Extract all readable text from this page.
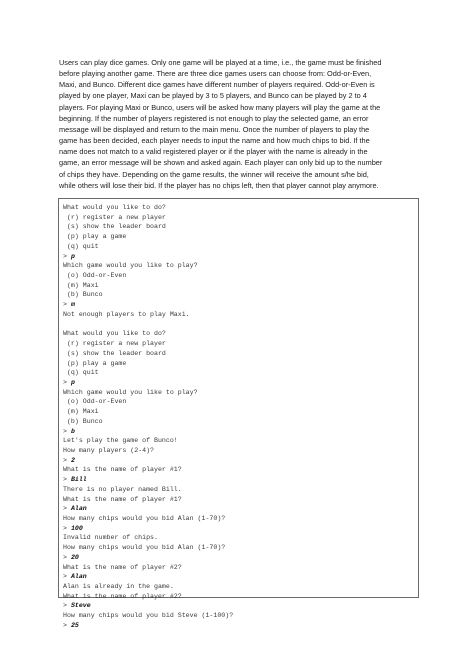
Users can play dice games. Only one game will be played at a time, i.e., the game must be finished
before playing another game. There are three dice games users can choose from: Odd-or-Even,
Maxi, and Bunco. Different dice games have different number of players required. Odd-or-Even is
played by one player, Maxi can be played by 3 to 5 players, and Bunco can be played by 2 to 4
players. For playing Maxi or Bunco, users will be asked how many players will play the game at the
beginning. If the number of players registered is not enough to play the selected game, an error
message will be displayed and return to the main menu. Once the number of players to play the
game has been decided, each player needs to input the name and how much chips to bid. If the
name does not match to a valid registered player or if the player with the name is already in the
game, an error message will be shown and asked again. Each player can only bid up to the number
of chips they have. Depending on the game results, the winner will receive the amount s/he bid,
while others will lose their bid. If the player has no chips left, then that player cannot play anymore.
What would you like to do?
(r) register a new player
(s) show the leader board
(p) play a game
(q) quit
> p
Which game would you like to play?
(o) Odd-or-Even
(m) Maxi
(b) Bunco
> m
Not enough players to play Maxi.
What would you like to do?
(r) register a new player
(s) show the leader board
(p) play a game
(q) quit
> p
Which game would you like to play?
(o) Odd-or-Even
(m) Maxi
(b) Bunco
> b
Let's play the game of Bunco!
How many players (2-4)?
> 2
What is the name of player #1?
> Bill
There is no player named Bill.
What is the name of player #1?
> Alan
How many chips would you bid Alan (1-70)?
> 100
Invalid number of chips.
How many chips would you bid Alan (1-70)?
> 20
What is the name of player #2?
> Alan
Alan is already in the game.
What is the name of player #2?
> Steve
How many chips would you bid Steve (1-100)?
> 25
